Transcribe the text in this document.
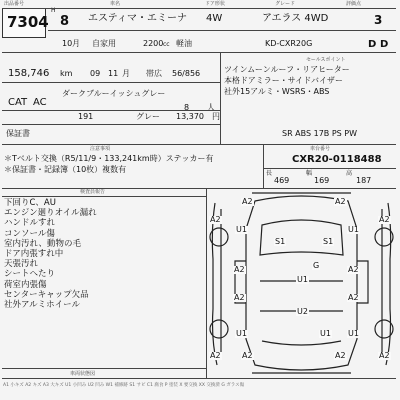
出品番号
7304
H
8
車名	ドア形状	グレード	評価点
エスティマ・エミーナ 4W	アエラス 4WD	3
10 月 自家用	2200 cc 軽油	KD-CXR20G	D D
158,746 km 09 11 月 帯広 56/856
CAT AC
ダークブルーイッシュグレー
8 人
191	グレー 13,370 円
保証書
セールスポイント
ツインムーンルーフ・リアヒーター
本格ドアミラー・サイドバイザー
社外15アルミ・WSRS・ABS
SR ABS 17B PS PW
注意事項
＊Tベルト交換（R5/11/9・133,241km時）ステッカー有
＊保証書・記録簿（10枚）複数有
車台番号
CXR20-0118488
長
469
幅
169
高
187
検査員報告
下回りC、AU
エンジン廻りオイル漏れ
ハンドルすれ
コンソール傷
室内汚れ、動物の毛
ドア内張すれ中
天張汚れ
シートへたり
荷室内張傷
センターキャップ欠品
社外アルミホイール
車両状態図
A1 小キズ A2 キズ A3 大キズ U1 小凹み U2 凹み W1 補修跡 S1 サビ C1 腐食 P 塗装 X 要交換 XX 交換済 G ガラス傷
A2	A2
A2
A2
A2
A2
A2
A2
A2
A2
U1
U1
U1
U1
S1	S1
G
U1
U2
U1
A2	A2
